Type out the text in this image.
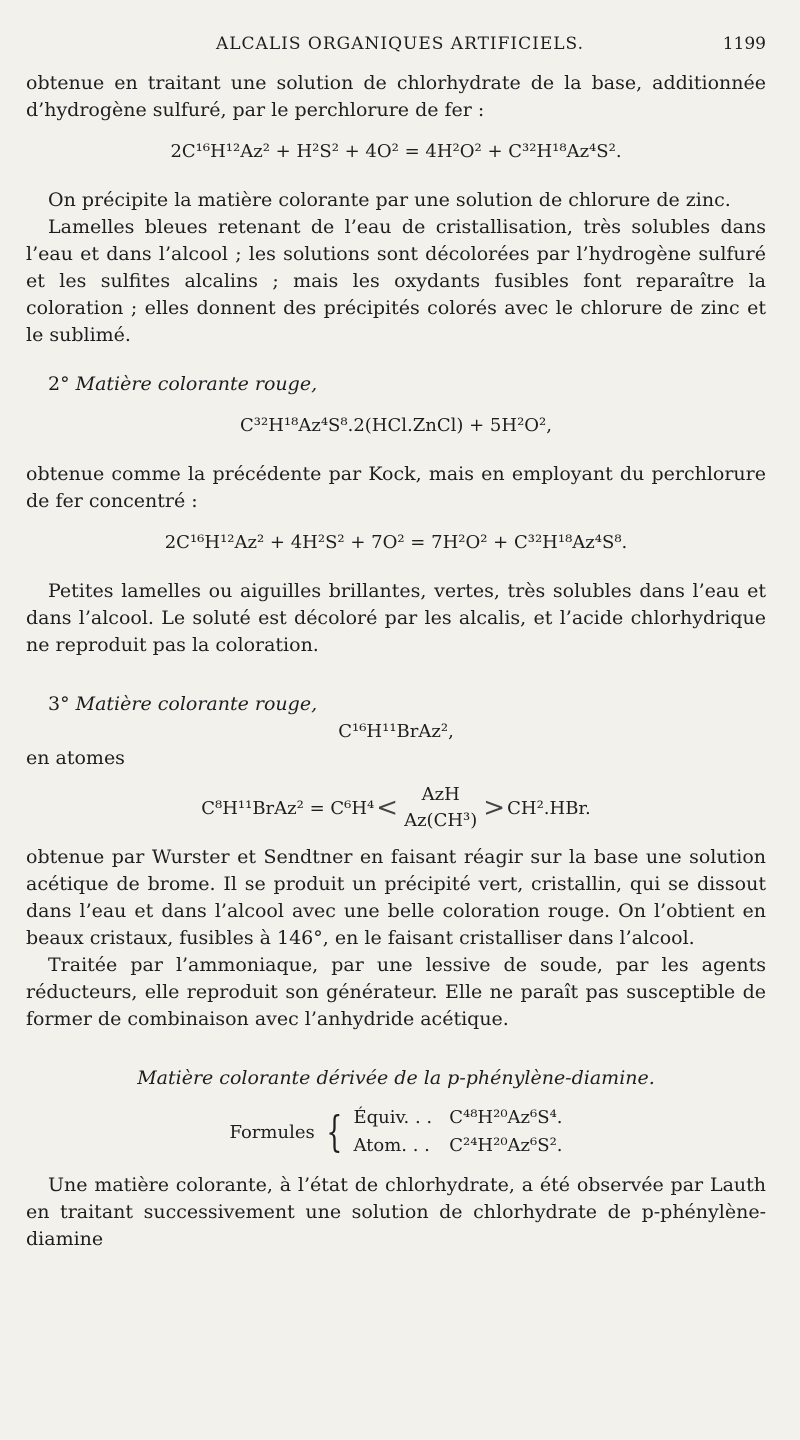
ALCALIS ORGANIQUES ARTIFICIELS.	1199

obtenue en traitant une solution de chlorhydrate de la base, additionnée d’hydrogène sulfuré, par le perchlorure de fer :

2C¹⁶H¹²Az² + H²S² + 4O² = 4H²O² + C³²H¹⁸Az⁴S².

On précipite la matière colorante par une solution de chlorure de zinc.

Lamelles bleues retenant de l’eau de cristallisation, très solubles dans l’eau et dans l’alcool ; les solutions sont décolorées par l’hydrogène sulfuré et les sulfites alcalins ; mais les oxydants fusibles font reparaître la coloration ; elles donnent des précipités colorés avec le chlorure de zinc et le sublimé.

2° Matière colorante rouge,

C³²H¹⁸Az⁴S⁸.2(HCl.ZnCl) + 5H²O²,

obtenue comme la précédente par Kock, mais en employant du perchlorure de fer concentré :

2C¹⁶H¹²Az² + 4H²S² + 7O² = 7H²O² + C³²H¹⁸Az⁴S⁸.

Petites lamelles ou aiguilles brillantes, vertes, très solubles dans l’eau et dans l’alcool. Le soluté est décoloré par les alcalis, et l’acide chlorhydrique ne reproduit pas la coloration.

3° Matière colorante rouge,

C¹⁶H¹¹BrAz²,

en atomes

C⁸H¹¹BrAz² = C⁶H⁴ < AzH
Az(CH³) > CH².HBr.

obtenue par Wurster et Sendtner en faisant réagir sur la base une solution acétique de brome. Il se produit un précipité vert, cristallin, qui se dissout dans l’eau et dans l’alcool avec une belle coloration rouge. On l’obtient en beaux cristaux, fusibles à 146°, en le faisant cristalliser dans l’alcool.

Traitée par l’ammoniaque, par une lessive de soude, par les agents réducteurs, elle reproduit son générateur. Elle ne paraît pas susceptible de former de combinaison avec l’anhydride acétique.

Matière colorante dérivée de la p-phénylène-diamine.

Formules { Équiv. . . C⁴⁸H²⁰Az⁶S⁴.
Atom. . . C²⁴H²⁰Az⁶S².

Une matière colorante, à l’état de chlorhydrate, a été observée par Lauth en traitant successivement une solution de chlorhydrate de p-phénylène-diamine
